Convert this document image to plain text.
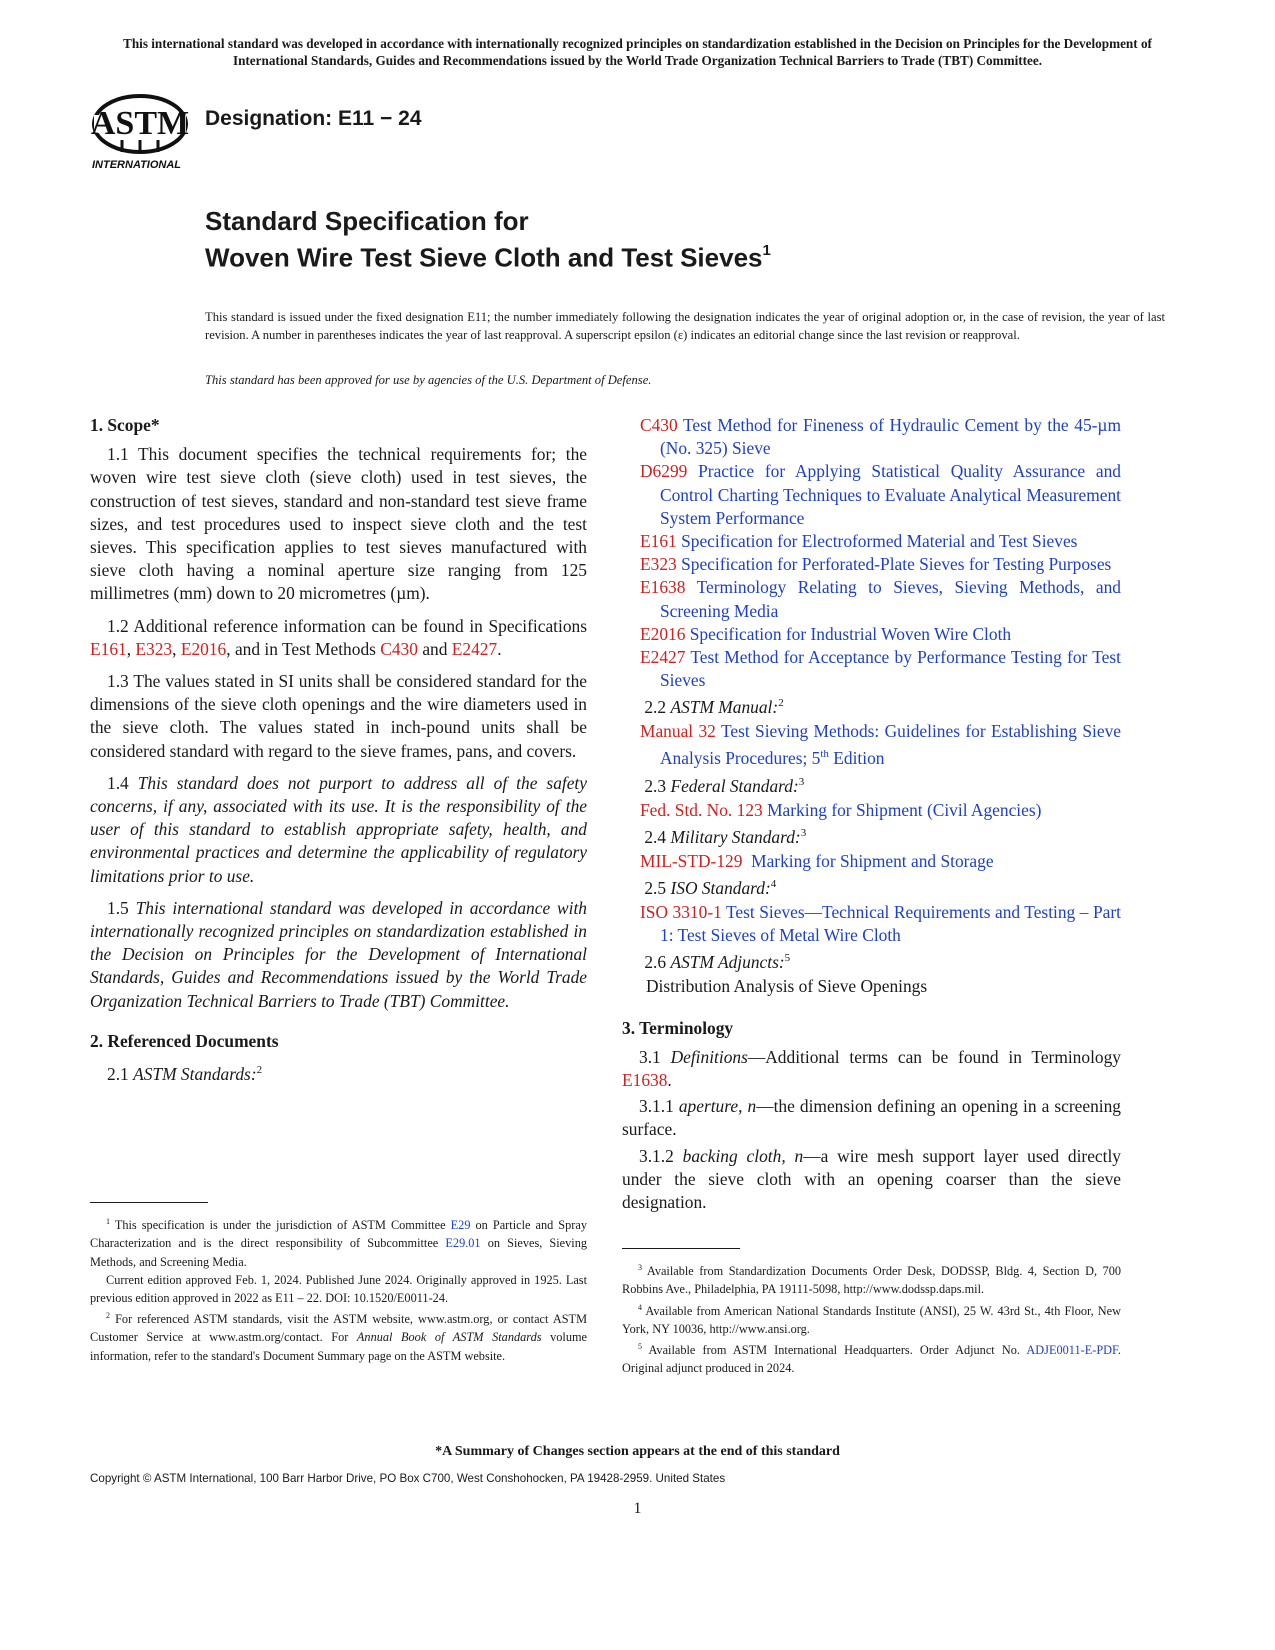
This international standard was developed in accordance with internationally recognized principles on standardization established in the Decision on Principles for the Development of International Standards, Guides and Recommendations issued by the World Trade Organization Technical Barriers to Trade (TBT) Committee.
ASTM
INTERNATIONAL
Designation: E11 − 24
Standard Specification for
Woven Wire Test Sieve Cloth and Test Sieves$^1$
This standard is issued under the fixed designation E11; the number immediately following the designation indicates the year of original adoption or, in the case of revision, the year of last revision. A number in parentheses indicates the year of last reapproval. A superscript epsilon (ε) indicates an editorial change since the last revision or reapproval.
This standard has been approved for use by agencies of the U.S. Department of Defense.
1. Scope*

1.1 This document specifies the technical requirements for; the woven wire test sieve cloth (sieve cloth) used in test sieves, the construction of test sieves, standard and non-standard test sieve frame sizes, and test procedures used to inspect sieve cloth and the test sieves. This specification applies to test sieves manufactured with sieve cloth having a nominal aperture size ranging from 125 millimetres (mm) down to 20 micrometres (µm).

1.2 Additional reference information can be found in Specifications E161, E323, E2016, and in Test Methods C430 and E2427.

1.3 The values stated in SI units shall be considered standard for the dimensions of the sieve cloth openings and the wire diameters used in the sieve cloth. The values stated in inch-pound units shall be considered standard with regard to the sieve frames, pans, and covers.

1.4 This standard does not purport to address all of the safety concerns, if any, associated with its use. It is the responsibility of the user of this standard to establish appropriate safety, health, and environmental practices and determine the applicability of regulatory limitations prior to use.

1.5 This international standard was developed in accordance with internationally recognized principles on standardization established in the Decision on Principles for the Development of International Standards, Guides and Recommendations issued by the World Trade Organization Technical Barriers to Trade (TBT) Committee.

2. Referenced Documents

2.1 ASTM Standards:$^2$

$^1$ This specification is under the jurisdiction of ASTM Committee E29 on Particle and Spray Characterization and is the direct responsibility of Subcommittee E29.01 on Sieves, Sieving Methods, and Screening Media.

Current edition approved Feb. 1, 2024. Published June 2024. Originally approved in 1925. Last previous edition approved in 2022 as E11 – 22. DOI: 10.1520/E0011-24.

$^2$ For referenced ASTM standards, visit the ASTM website, www.astm.org, or contact ASTM Customer Service at www.astm.org/contact. For Annual Book of ASTM Standards volume information, refer to the standard's Document Summary page on the ASTM website.

C430 Test Method for Fineness of Hydraulic Cement by the 45-µm (No. 325) Sieve

D6299 Practice for Applying Statistical Quality Assurance and Control Charting Techniques to Evaluate Analytical Measurement System Performance

E161 Specification for Electroformed Material and Test Sieves

E323 Specification for Perforated-Plate Sieves for Testing Purposes

E1638 Terminology Relating to Sieves, Sieving Methods, and Screening Media

E2016 Specification for Industrial Woven Wire Cloth

E2427 Test Method for Acceptance by Performance Testing for Test Sieves

2.2 ASTM Manual:$^2$

Manual 32 Test Sieving Methods: Guidelines for Establishing Sieve Analysis Procedures; 5th Edition

2.3 Federal Standard:$^3$

Fed. Std. No. 123 Marking for Shipment (Civil Agencies)

2.4 Military Standard:$^3$

MIL-STD-129 Marking for Shipment and Storage

2.5 ISO Standard:$^4$

ISO 3310-1 Test Sieves—Technical Requirements and Testing – Part 1: Test Sieves of Metal Wire Cloth

2.6 ASTM Adjuncts:$^5$

Distribution Analysis of Sieve Openings

3. Terminology

3.1 Definitions—Additional terms can be found in Terminology E1638.

3.1.1 aperture, n—the dimension defining an opening in a screening surface.

3.1.2 backing cloth, n—a wire mesh support layer used directly under the sieve cloth with an opening coarser than the sieve designation.

$^3$ Available from Standardization Documents Order Desk, DODSSP, Bldg. 4, Section D, 700 Robbins Ave., Philadelphia, PA 19111-5098, http://www.dodssp.daps.mil.

$^4$ Available from American National Standards Institute (ANSI), 25 W. 43rd St., 4th Floor, New York, NY 10036, http://www.ansi.org.

$^5$ Available from ASTM International Headquarters. Order Adjunct No. ADJE0011-E-PDF. Original adjunct produced in 2024.

*A Summary of Changes section appears at the end of this standard
Copyright © ASTM International, 100 Barr Harbor Drive, PO Box C700, West Conshohocken, PA 19428-2959. United States
1
